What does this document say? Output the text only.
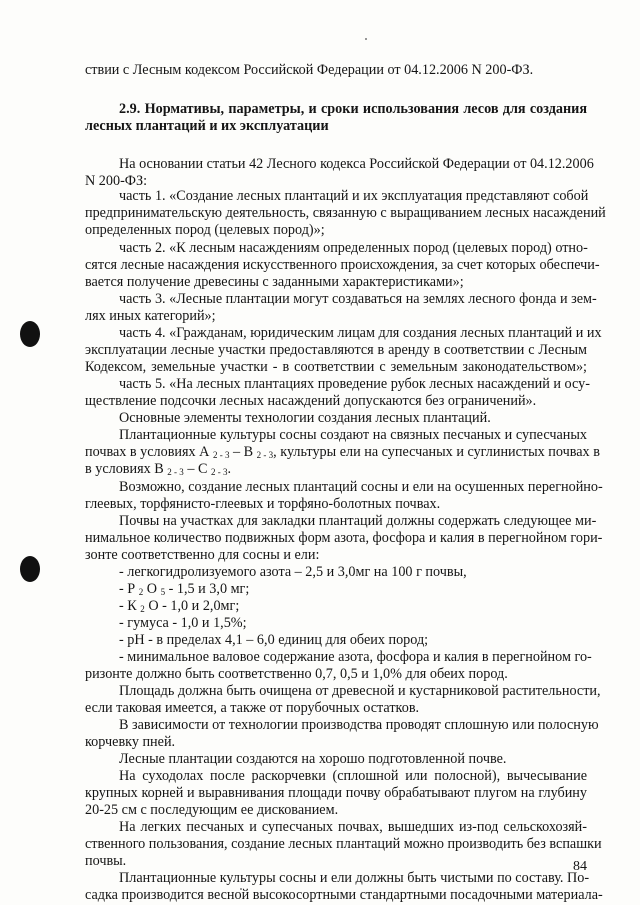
ствии с Лесным кодексом Российской Федерации от 04.12.2006 N 200-ФЗ.
2.9. Нормативы, параметры, и сроки использования лесов для создания
лесных плантаций и их эксплуатации
На основании статьи 42 Лесного кодекса Российской Федерации от 04.12.2006
N 200-ФЗ:
часть 1. «Создание лесных плантаций и их эксплуатация представляют собой
предпринимательскую деятельность, связанную с выращиванием лесных насаждений
определенных пород (целевых пород)»;
часть 2. «К лесным насаждениям определенных пород (целевых пород) отно-
сятся лесные насаждения искусственного происхождения, за счет которых обеспечи-
вается получение древесины с заданными характеристиками»;
часть 3. «Лесные плантации могут создаваться на землях лесного фонда и зем-
лях иных категорий»;
часть 4. «Гражданам, юридическим лицам для создания лесных плантаций и их
эксплуатации лесные участки предоставляются в аренду в соответствии с Лесным
Кодексом, земельные участки - в соответствии с земельным законодательством»;
часть 5. «На лесных плантациях проведение рубок лесных насаждений и осу-
ществление подсочки лесных насаждений допускаются без ограничений».
Основные элементы технологии создания лесных плантаций.
Плантационные культуры сосны создают на связных песчаных и супесчаных
почвах в условиях А $_{2 - 3}$ – В $_{2 - 3}$, культуры ели на супесчаных и суглинистых почвах в
в условиях В $_{2 - 3}$ – С $_{2 - 3}$.
Возможно, создание лесных плантаций сосны и ели на осушенных перегнойно-
глеевых, торфянисто-глеевых и торфяно-болотных почвах.
Почвы на участках для закладки плантаций должны содержать следующее ми-
нимальное количество подвижных форм азота, фосфора и калия в перегнойном гори-
зонте соответственно для сосны и ели:
- легкогидролизуемого азота – 2,5 и 3,0мг на 100 г почвы,
- Р $_2$ О $_5$ - 1,5 и 3,0 мг;
- К $_2$ О - 1,0 и 2,0мг;
- гумуса - 1,0 и 1,5%;
- рН - в пределах 4,1 – 6,0 единиц для обеих пород;
- минимальное валовое содержание азота, фосфора и калия в перегнойном го-
ризонте должно быть соответственно 0,7, 0,5 и 1,0% для обеих пород.
Площадь должна быть очищена от древесной и кустарниковой растительности,
если таковая имеется, а также от порубочных остатков.
В зависимости от технологии производства проводят сплошную или полосную
корчевку пней.
Лесные плантации создаются на хорошо подготовленной почве.
На суходолах после раскорчевки (сплошной или полосной), вычесывание
крупных корней и выравнивания площади почву обрабатывают плугом на глубину
20-25 см с последующим ее дискованием.
На легких песчаных и супесчаных почвах, вышедших из-под сельскохозяй-
ственного пользования, создание лесных плантаций можно производить без вспашки
почвы.
Плантационные культуры сосны и ели должны быть чистыми по составу. По-
садка производится весной высокосортными стандартными посадочными материала-
84
